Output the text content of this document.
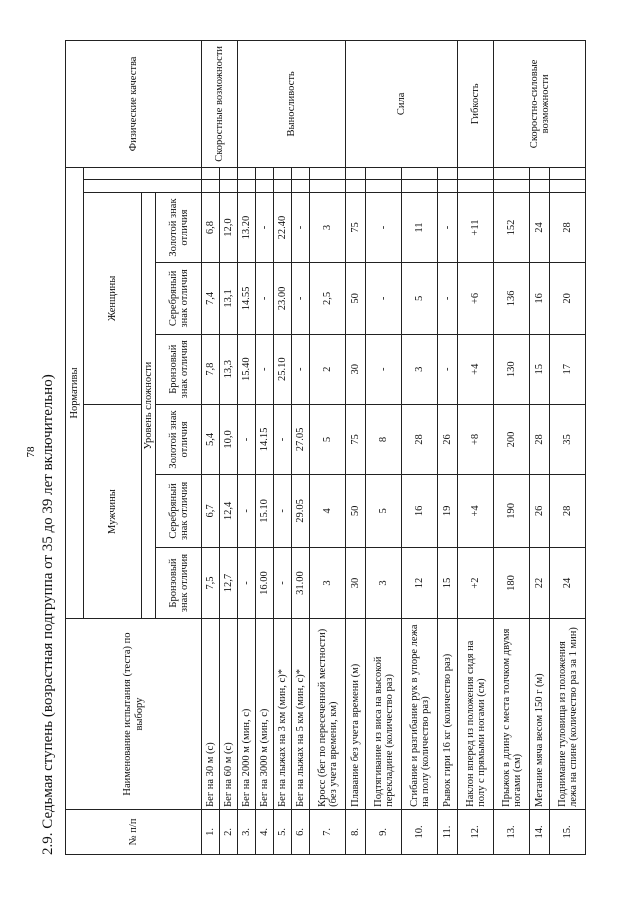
78 2.9. Седьмая ступень (возрастная подгруппа от 35 до 39 лет включительно)	№ п/п	Наименование испытания (теста) по выбору	Нормативы								Физические качества
		Мужчины			Женщины					
		Уровень сложности								
		Бронзовый знак отличия	Серебряный знак отличия	Золотой знак отличия	Бронзовый знак отличия	Серебряный знак отличия	Золотой знак отличия			
1.	Бег на 30 м (с)	7,5	6,7	5,4	7,8	7,4	6,8			Скоростные возможности
2.	Бег на 60 м (с)	12,7	12,4	10,0	13,3	13,1	12,0			
3.	Бег на 2000 м (мин, с)	-	-	-	15.40	14.55	13.20			Выносливость
4.	Бег на 3000 м (мин, с)	16.00	15.10	14.15	-	-	-			
5.	Бег на лыжах на 3 км (мин, с)*	-	-	-	25.10	23.00	22.40			
6.	Бег на лыжах на 5 км (мин, с)*	31.00	29.05	27.05	-	-	-			
7.	Кросс (бег по пересеченной местности) (без учета времени, км)	3	4	5	2	2,5	3			
8.	Плавание без учета времени (м)	30	50	75	30	50	75			Сила
9.	Подтягивание из виса на высокой перекладине (количество раз)	3	5	8	-	-	-			
10.	Сгибание и разгибание рук в упоре лежа на полу (количество раз)	12	16	28	3	5	11			
11.	Рывок гири 16 кг (количество раз)	15	19	26	-	-	-			
12.	Наклон вперед из положения сидя на полу с прямыми ногами (см)	+2	+4	+8	+4	+6	+11			Гибкость
13.	Прыжок в длину с места толчком двумя ногами (см)	180	190	200	130	136	152			Скоростно-силовые возможности
14.	Метание мяча весом 150 г (м)	22	26	28	15	16	24			
15.	Поднимание туловища из положения лежа на спине (количество раз за 1 мин)	24	28	35	17	20	28			
